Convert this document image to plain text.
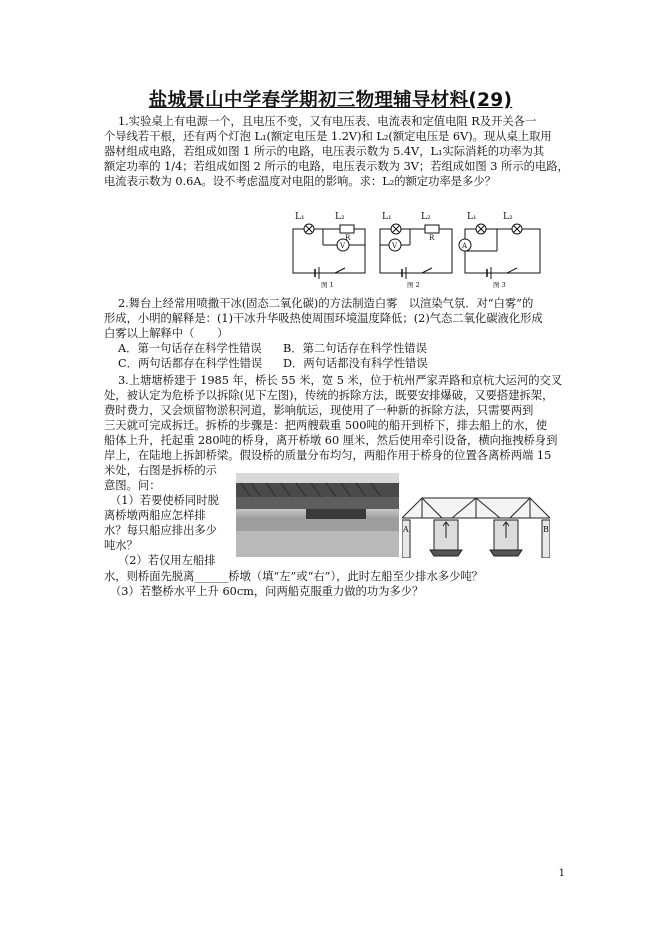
盐城景山中学春学期初三物理辅导材料(29)
1.实验桌上有电源一个，且电压不变，又有电压表、电流表和定值电阻 R及开关各一
个导线若干根，还有两个灯泡 L₁(额定电压是 1.2V)和 L₂(额定电压是 6V)。现从桌上取用
器材组成电路，若组成如图 1 所示的电路，电压表示数为 5.4V，L₁实际消耗的功率为其
额定功率的 1/4；若组成如图 2 所示的电路，电压表示数为 3V；若组成如图 3 所示的电路，
电流表示数为 0.6A。设不考虑温度对电阻的影响。求：L₂的额定功率是多少？
L₁	L₂
R
V
图 1
L₁	L₂
R
V
图 2
L₁	L₂
A
图 3
2.舞台上经常用喷撒干冰(固态二氧化碳)的方法制造白雾　以渲染气氛．对“白雾”的
形成，小明的解释是：(1)干冰升华吸热使周围环境温度降低；(2)气态二氧化碳液化形成
白雾以上解释中（　　）
A．第一句话存在科学性错误 B．第二句话存在科学性错误
C．两句话都存在科学性错误 D．两句话都没有科学性错误
3.上塘塘桥建于 1985 年，桥长 55 米，宽 5 米，位于杭州严家弄路和京杭大运河的交叉
处，被认定为危桥予以拆除(见下左图)，传统的拆除方法，既要安排爆破，又要搭建拆架，
费时费力，又会烦留物淤积河道，影响航运，现使用了一种新的拆除方法，只需要两到
三天就可完成拆迁。拆桥的步骤是：把两艘载重 500吨的船开到桥下，排去船上的水，使
船体上升，托起重 280吨的桥身，离开桥墩 60 厘米，然后使用牵引设备，横向拖拽桥身到
岸上，在陆地上拆卸桥梁。假设桥的质量分布均匀，两船作用于桥身的位置各离桥两端 15
米处，右图是拆桥的示
意图。问：
（1）若要使桥同时脱
离桥墩两船应怎样排
水？每只船应排出多少
吨水？
（2）若仅用左船排
A	B
水，则桥面先脱离______桥墩（填“左”或“右”），此时左船至少排水多少吨？
（3）若整桥水平上升 60cm，问两船克服重力做的功为多少？
1
